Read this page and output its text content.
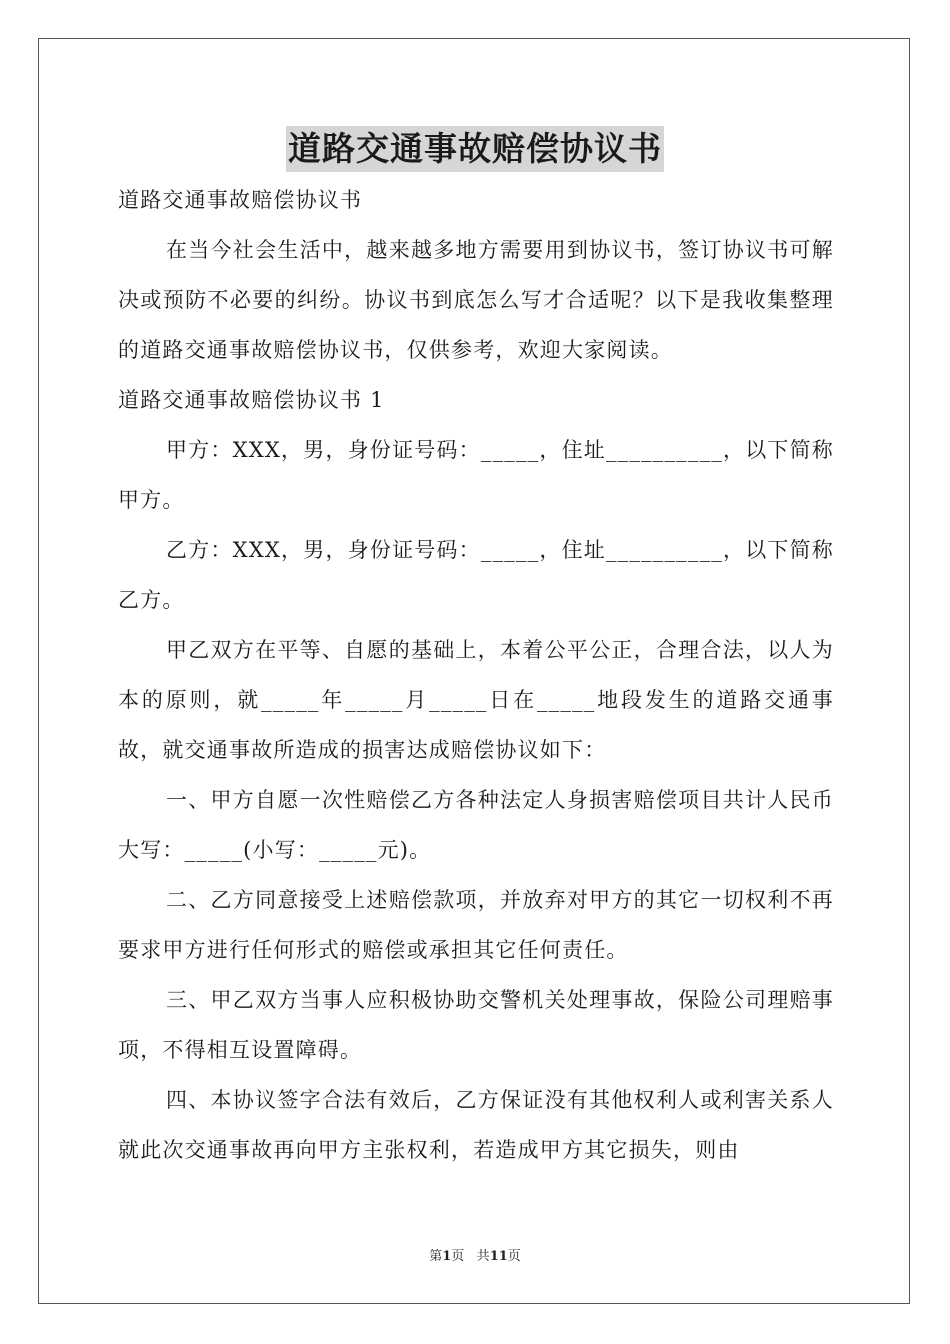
道路交通事故赔偿协议书

道路交通事故赔偿协议书

在当今社会生活中，越来越多地方需要用到协议书，签订协议书可解决或预防不必要的纠纷。协议书到底怎么写才合适呢？以下是我收集整理的道路交通事故赔偿协议书，仅供参考，欢迎大家阅读。

道路交通事故赔偿协议书 1

甲方：XXX，男，身份证号码：_____，住址__________，以下简称甲方。

乙方：XXX，男，身份证号码：_____，住址__________，以下简称乙方。

甲乙双方在平等、自愿的基础上，本着公平公正，合理合法，以人为本的原则，就_____年_____月_____日在_____地段发生的道路交通事故，就交通事故所造成的损害达成赔偿协议如下：

一、甲方自愿一次性赔偿乙方各种法定人身损害赔偿项目共计人民币大写：_____(小写：_____元)。

二、乙方同意接受上述赔偿款项，并放弃对甲方的其它一切权利不再要求甲方进行任何形式的赔偿或承担其它任何责任。

三、甲乙双方当事人应积极协助交警机关处理事故，保险公司理赔事项，不得相互设置障碍。

四、本协议签字合法有效后，乙方保证没有其他权利人或利害关系人就此次交通事故再向甲方主张权利，若造成甲方其它损失，则由

第1页 共11页
